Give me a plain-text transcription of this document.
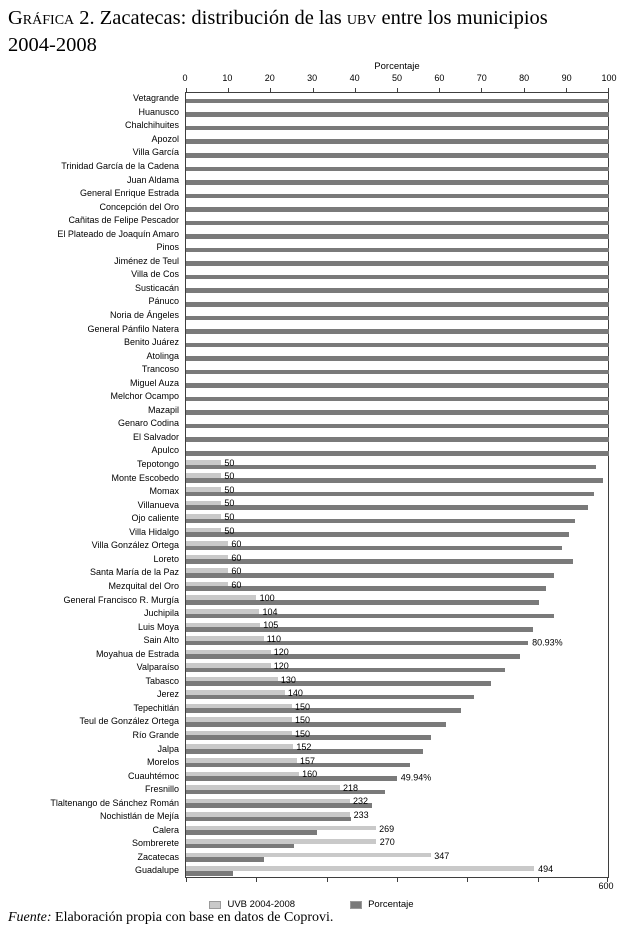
Gráfica 2. Zacatecas: distribución de las ubv entre los municipios
2004-2008
Porcentaje
0	10	20	30	40	50	60	70	80	90	100
Vetagrande
Huanusco
Chalchihuites
Apozol
Villa García
Trinidad García de la Cadena
Juan Aldama
General Enrique Estrada
Concepción del Oro
Cañitas de Felipe Pescador
El Plateado de Joaquín Amaro
Pinos
Jiménez de Teul
Villa de Cos
Susticacán
Pánuco
Noria de Ángeles
General Pánfilo Natera
Benito Juárez
Atolinga
Trancoso
Miguel Auza
Melchor Ocampo
Mazapil
Genaro Codina
El Salvador
Apulco
Tepotongo	50
Monte Escobedo	50
Momax	50
Villanueva	50
Ojo caliente	50
Villa Hidalgo	50
Villa González Ortega	60
Loreto	60
Santa María de la Paz	60
Mezquital del Oro	60
General Francisco R. Murgía	100
Juchipila	104
Luis Moya	105
Sain Alto	110	80.93%
Moyahua de Estrada	120
Valparaíso	120
Tabasco	130
Jerez	140
Tepechitlán	150
Teul de González Ortega	150
Río Grande	150
Jalpa	152
Morelos	157
Cuauhtémoc	160	49.94%
Fresnillo	218
Tlaltenango de Sánchez Román	232
Nochistlán de Mejía	233
Calera	269
Sombrerete	270
Zacatecas	347
Guadalupe	494
600
UVB 2004-2008	Porcentaje

Fuente: Elaboración propia con base en datos de Coprovi.
